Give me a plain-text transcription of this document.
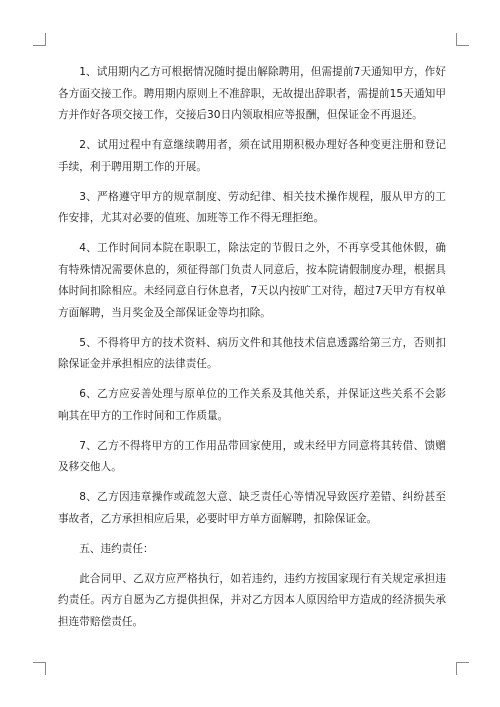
1、试用期内乙方可根据情况随时提出解除聘用，但需提前7天通知甲方，作好各方面交接工作。聘用期内原则上不准辞职，无故提出辞职者，需提前15天通知甲方并作好各项交接工作，交接后30日内领取相应等报酬，但保证金不再退还。

2、试用过程中有意继续聘用者，须在试用期积极办理好各种变更注册和登记手续，利于聘用期工作的开展。

3、严格遵守甲方的规章制度、劳动纪律、相关技术操作规程，服从甲方的工作安排，尤其对必要的值班、加班等工作不得无理拒绝。

4、工作时间同本院在职职工，除法定的节假日之外，不再享受其他休假，确有特殊情况需要休息的，须征得部门负责人同意后，按本院请假制度办理，根据具体时间扣除相应。未经同意自行休息者，7天以内按旷工对待，超过7天甲方有权单方面解聘，当月奖金及全部保证金等均扣除。

5、不得将甲方的技术资料、病历文件和其他技术信息透露给第三方，否则扣除保证金并承担相应的法律责任。

6、乙方应妥善处理与原单位的工作关系及其他关系，并保证这些关系不会影响其在甲方的工作时间和工作质量。

7、乙方不得将甲方的工作用品带回家使用，或未经甲方同意将其转借、馈赠及移交他人。

8、乙方因违章操作或疏忽大意、缺乏责任心等情况导致医疗差错、纠纷甚至事故者，乙方承担相应后果，必要时甲方单方面解聘，扣除保证金。

五、违约责任：

此合同甲、乙双方应严格执行，如若违约，违约方按国家现行有关规定承担违约责任。丙方自愿为乙方提供担保，并对乙方因本人原因给甲方造成的经济损失承担连带赔偿责任。
